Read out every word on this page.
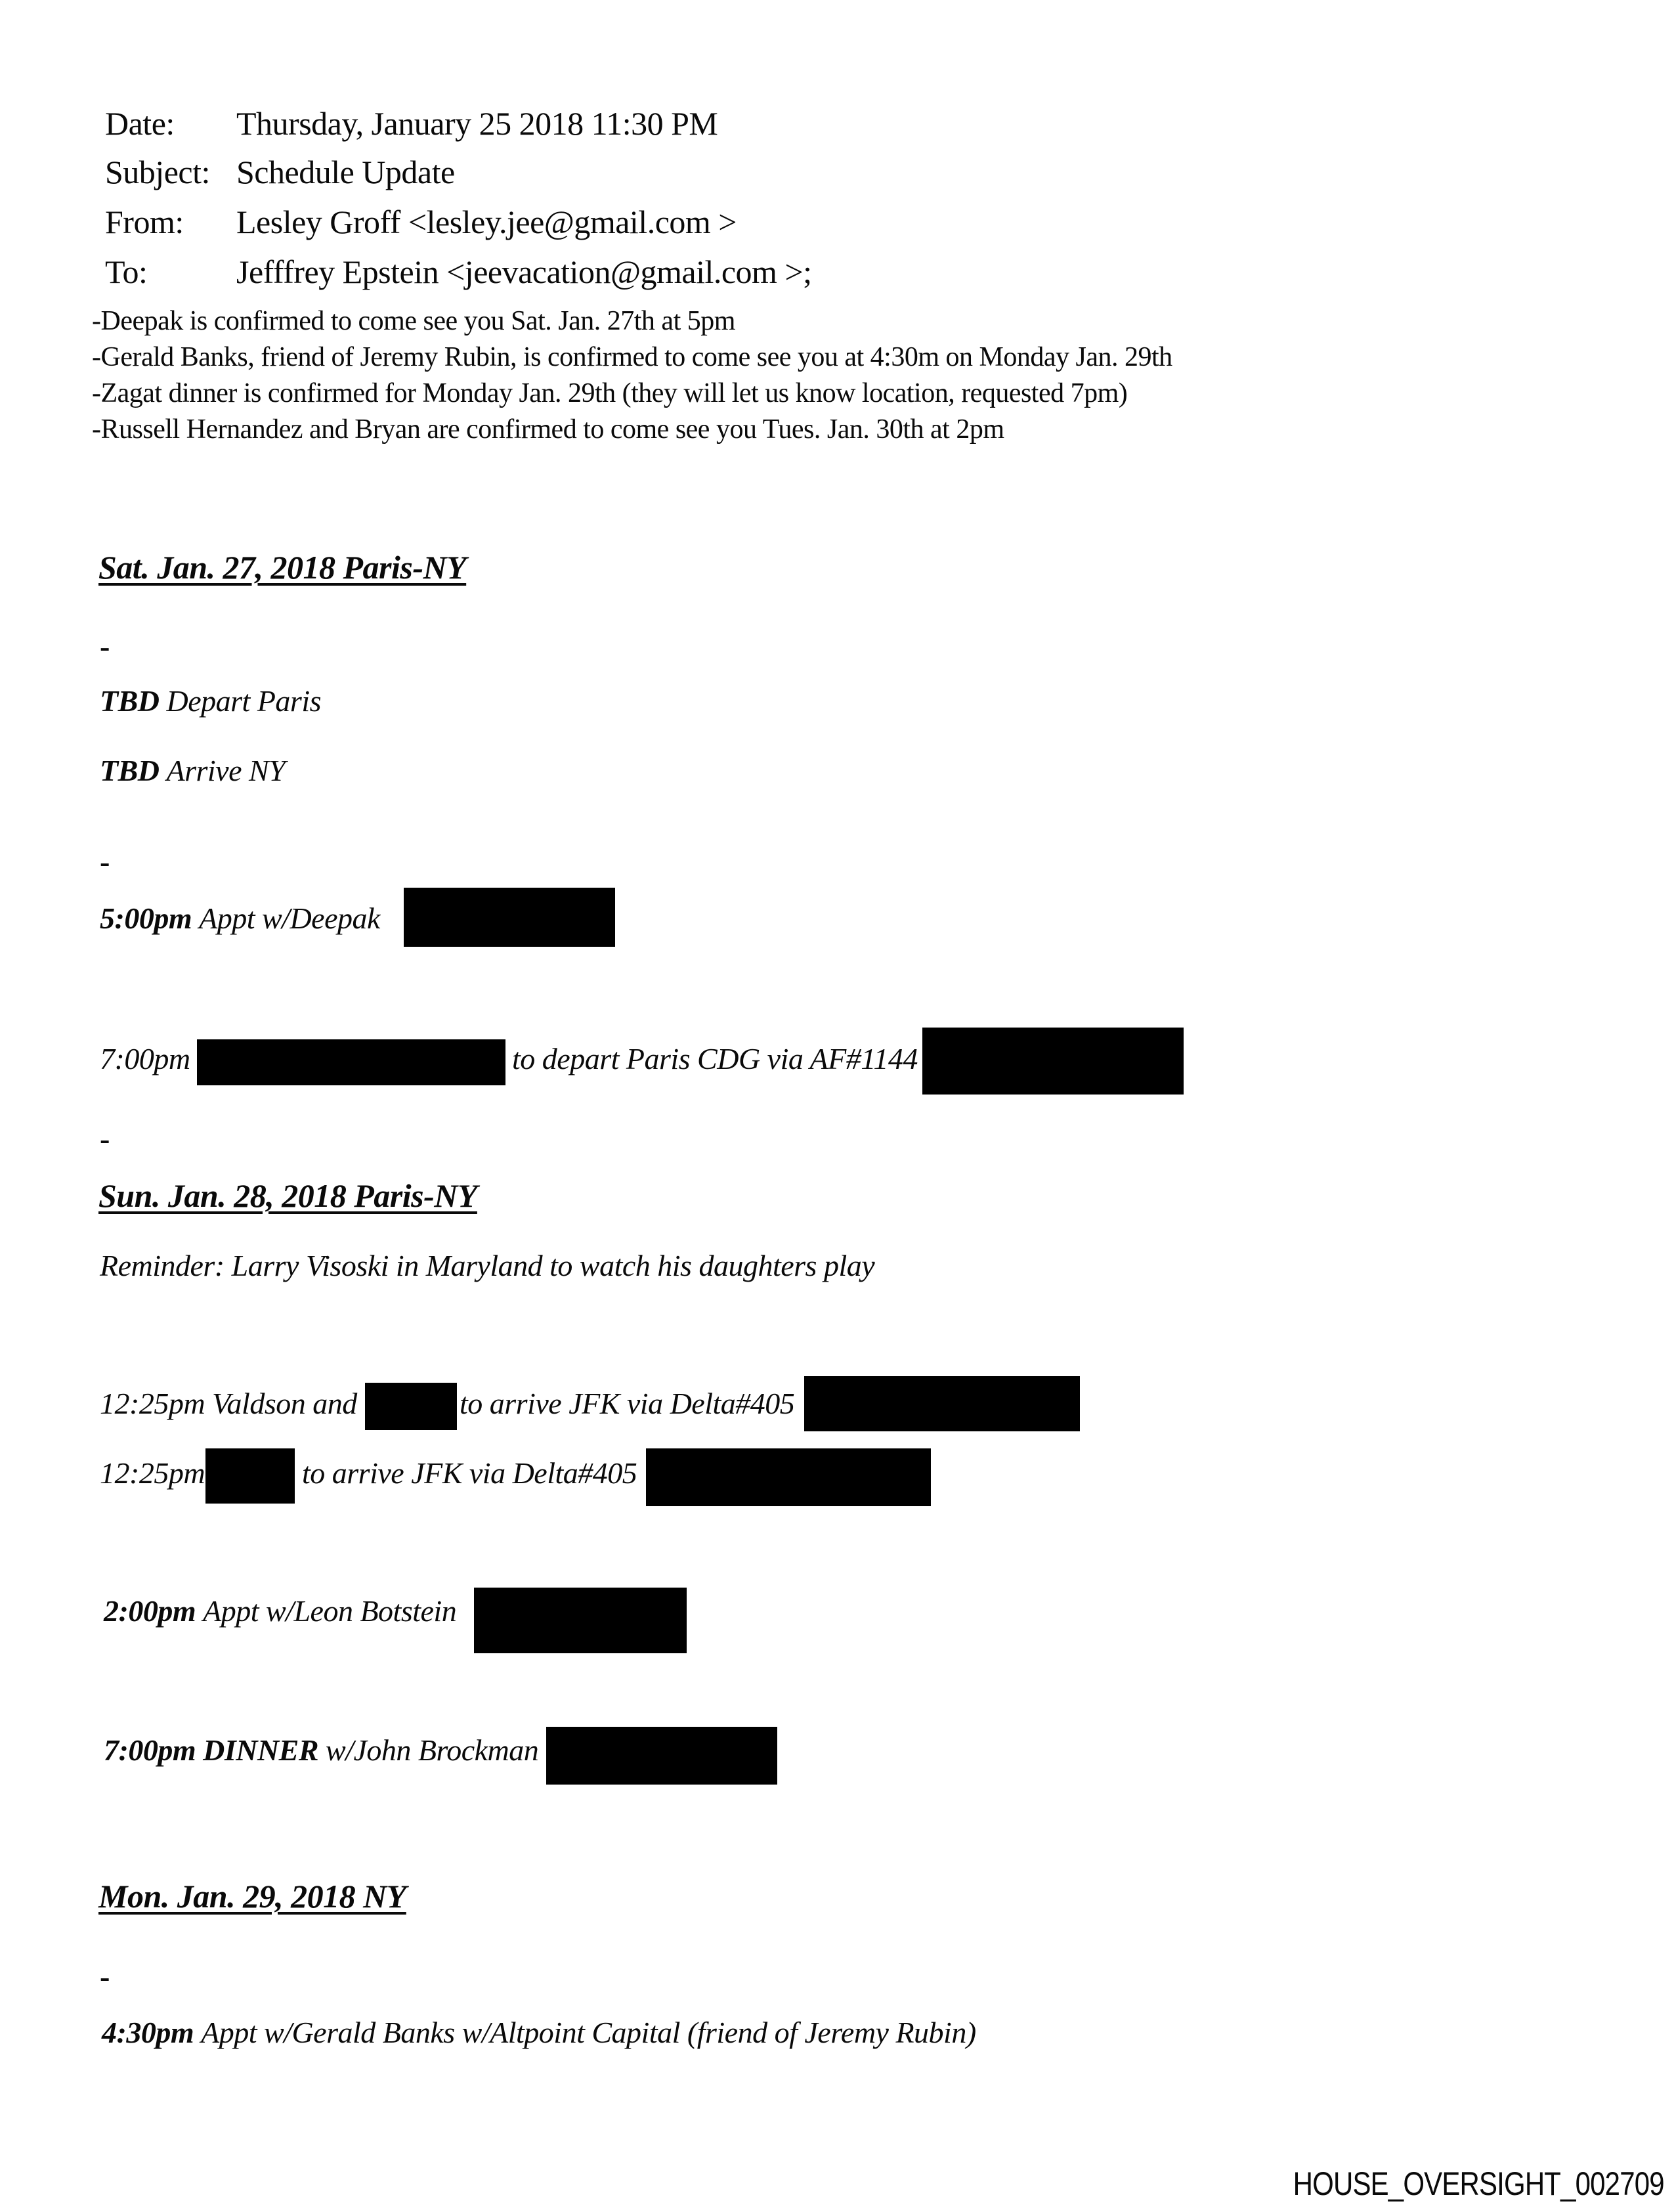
Date: Thursday, January 25 2018 11:30 PM
Subject: Schedule Update
From: Lesley Groff <lesley.jee@gmail.com >
To:	Jefffrey Epstein <jeevacation@gmail.com >;
-Deepak is confirmed to come see you Sat. Jan. 27th at 5pm
-Gerald Banks, friend of Jeremy Rubin, is confirmed to come see you at 4:30m on Monday Jan. 29th
-Zagat dinner is confirmed for Monday Jan. 29th (they will let us know location, requested 7pm)
-Russell Hernandez and Bryan are confirmed to come see you Tues. Jan. 30th at 2pm
Sat. Jan. 27, 2018 Paris-NY
-
TBD Depart Paris
TBD Arrive NY
-
5:00pm Appt w/Deepak
7:00pm	to depart Paris CDG via AF#1144
-
Sun. Jan. 28, 2018 Paris-NY
Reminder: Larry Visoski in Maryland to watch his daughters play
12:25pm Valdson and	to arrive JFK via Delta#405
12:25pm	to arrive JFK via Delta#405
2:00pm Appt w/Leon Botstein
7:00pm DINNER w/John Brockman
Mon. Jan. 29, 2018 NY
-
4:30pm Appt w/Gerald Banks w/Altpoint Capital (friend of Jeremy Rubin)
HOUSE_OVERSIGHT_002709
